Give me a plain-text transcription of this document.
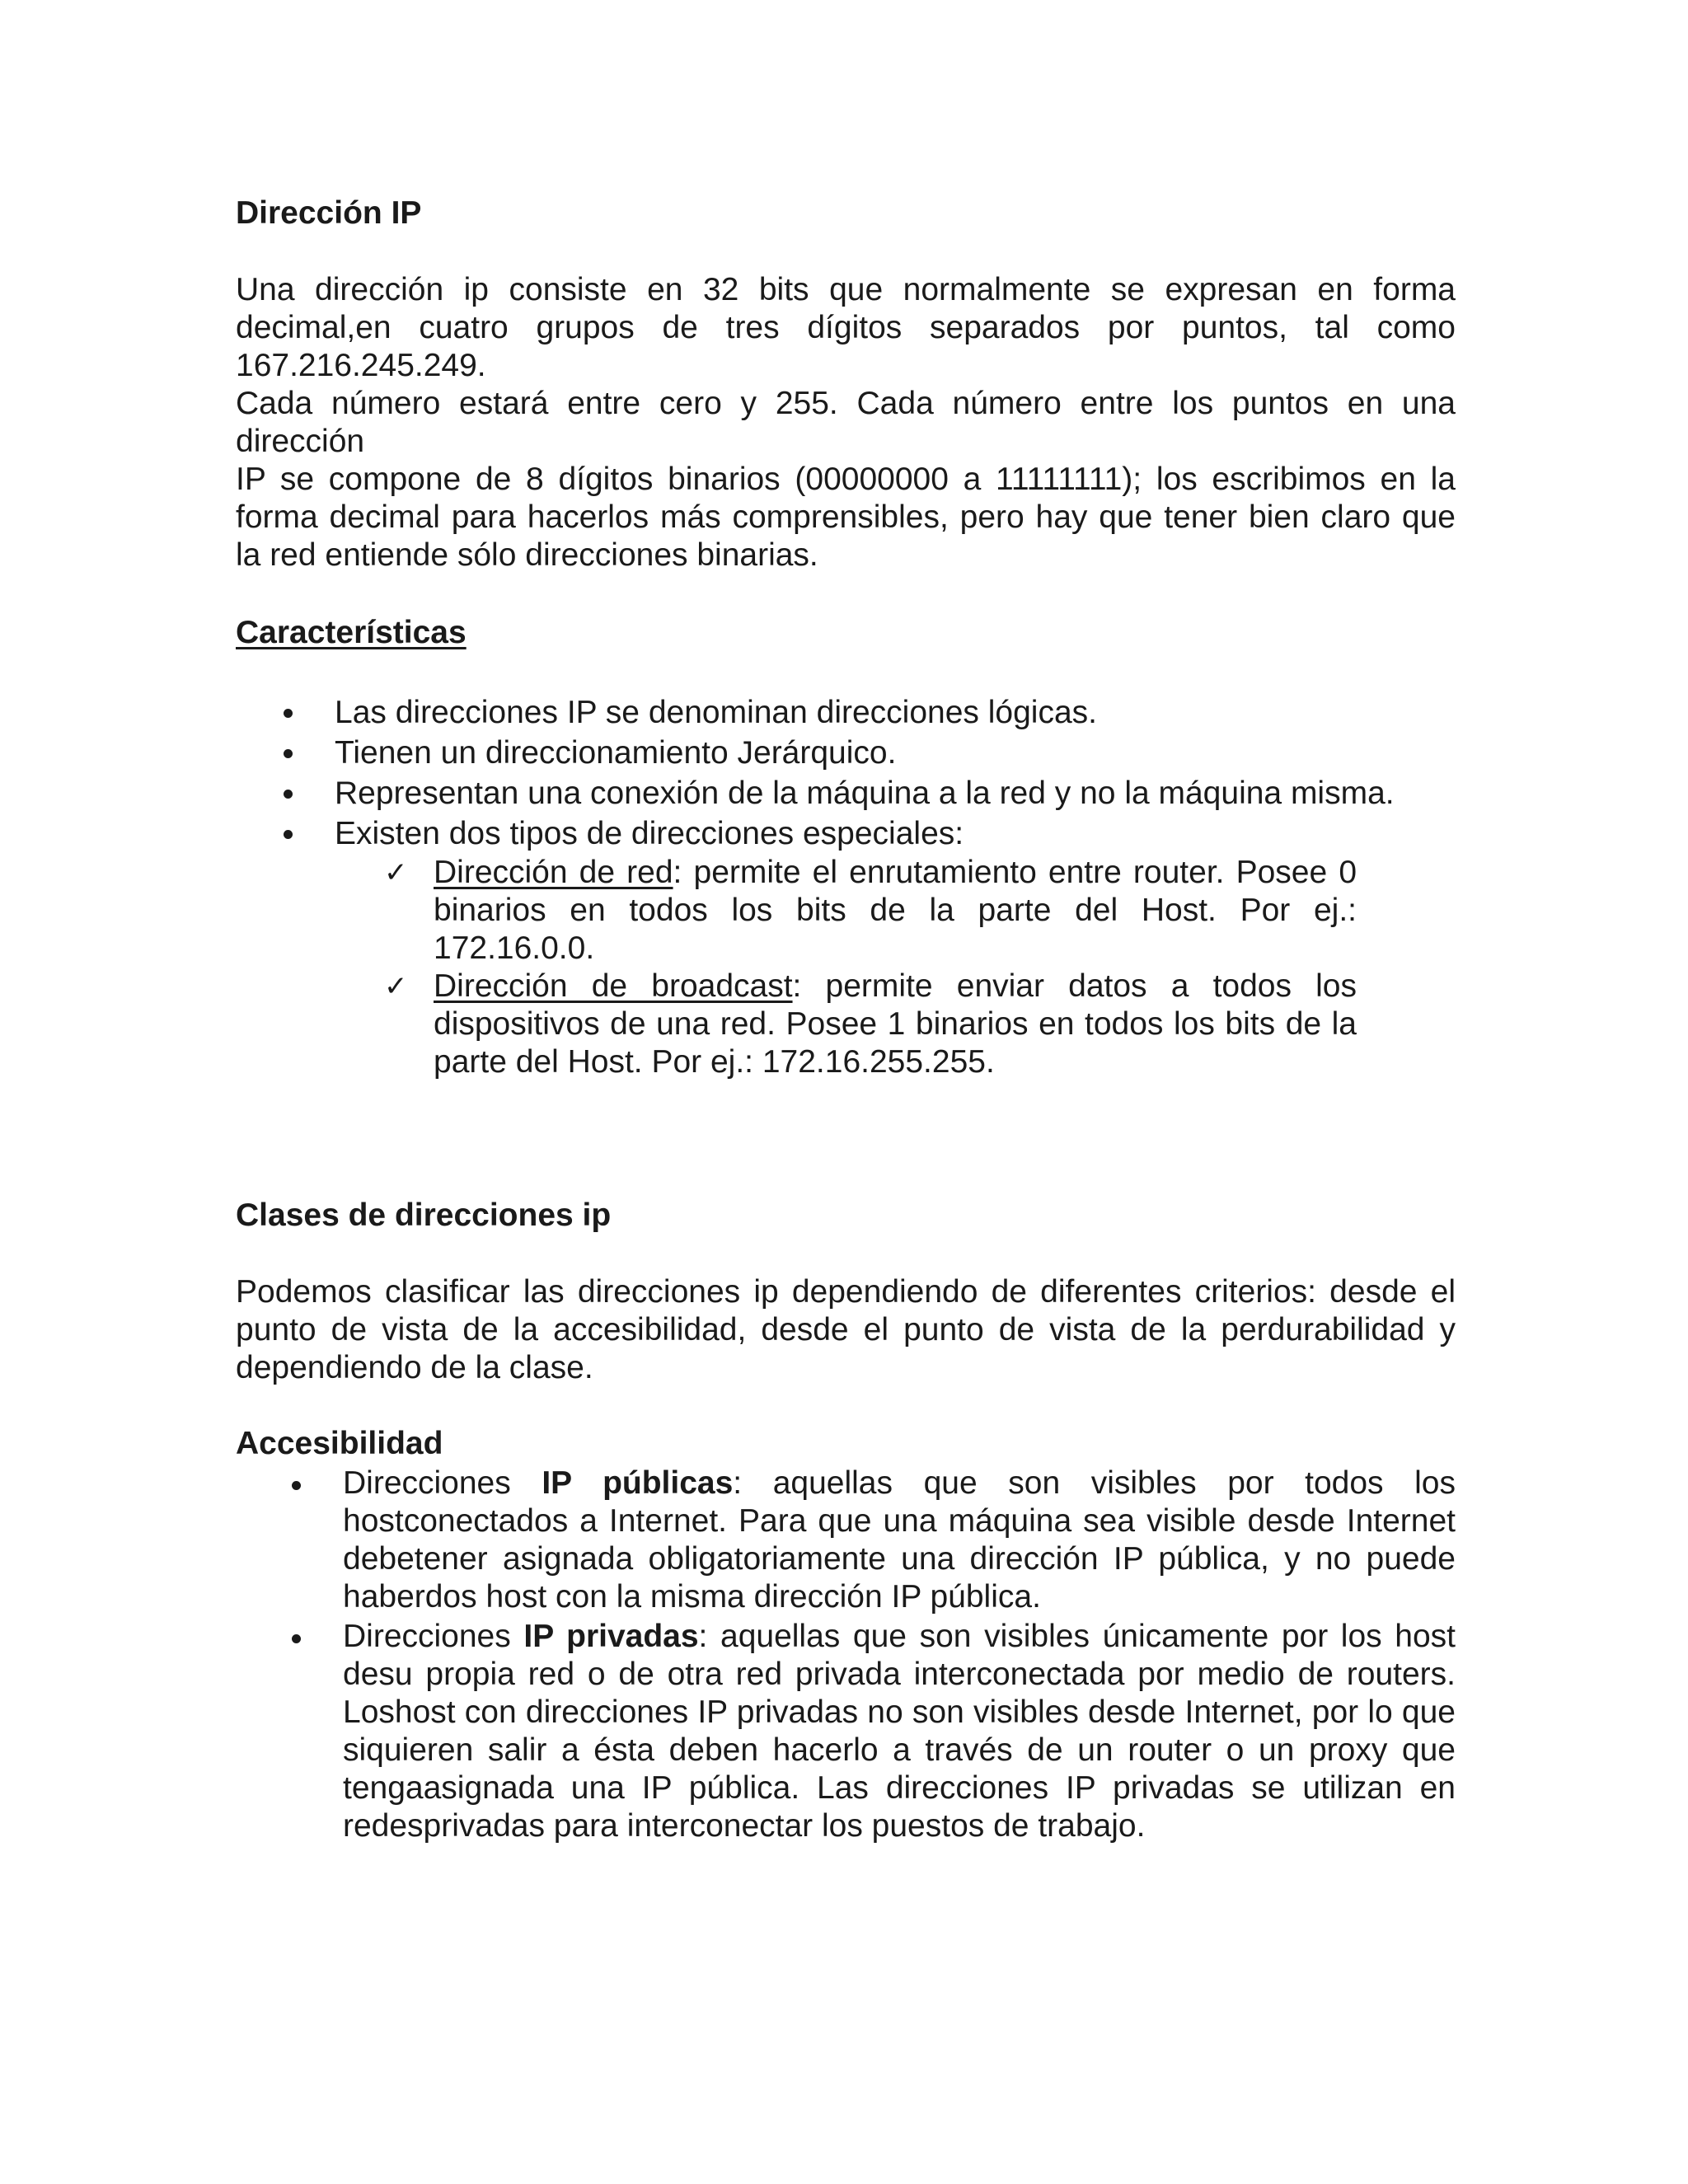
Dirección IP

Una dirección ip consiste en 32 bits que normalmente se expresan en forma decimal,en cuatro grupos de tres dígitos separados por puntos, tal como 167.216.245.249.

Cada número estará entre cero y 255. Cada número entre los puntos en una dirección

IP se compone de 8 dígitos binarios (00000000 a 11111111); los escribimos en la forma decimal para hacerlos más comprensibles, pero hay que tener bien claro que la red entiende sólo direcciones binarias.

Características
Las direcciones IP se denominan direcciones lógicas.
Tienen un direccionamiento Jerárquico.
Representan una conexión de la máquina a la red y no la máquina misma.
Existen dos tipos de direcciones especiales:
✓ Dirección de red: permite el enrutamiento entre router. Posee 0 binarios en todos los bits de la parte del Host. Por ej.: 172.16.0.0.
✓ Dirección de broadcast: permite enviar datos a todos los dispositivos de una red. Posee 1 binarios en todos los bits de la parte del Host. Por ej.: 172.16.255.255.
Clases de direcciones ip

Podemos clasificar las direcciones ip dependiendo de diferentes criterios: desde el punto de vista de la accesibilidad, desde el punto de vista de la perdurabilidad y dependiendo de la clase.

Accesibilidad
Direcciones IP públicas: aquellas que son visibles por todos los hostconectados a Internet. Para que una máquina sea visible desde Internet debetener asignada obligatoriamente una dirección IP pública, y no puede haberdos host con la misma dirección IP pública.
Direcciones IP privadas: aquellas que son visibles únicamente por los host desu propia red o de otra red privada interconectada por medio de routers. Loshost con direcciones IP privadas no son visibles desde Internet, por lo que siquieren salir a ésta deben hacerlo a través de un router o un proxy que tengaasignada una IP pública. Las direcciones IP privadas se utilizan en redesprivadas para interconectar los puestos de trabajo.
